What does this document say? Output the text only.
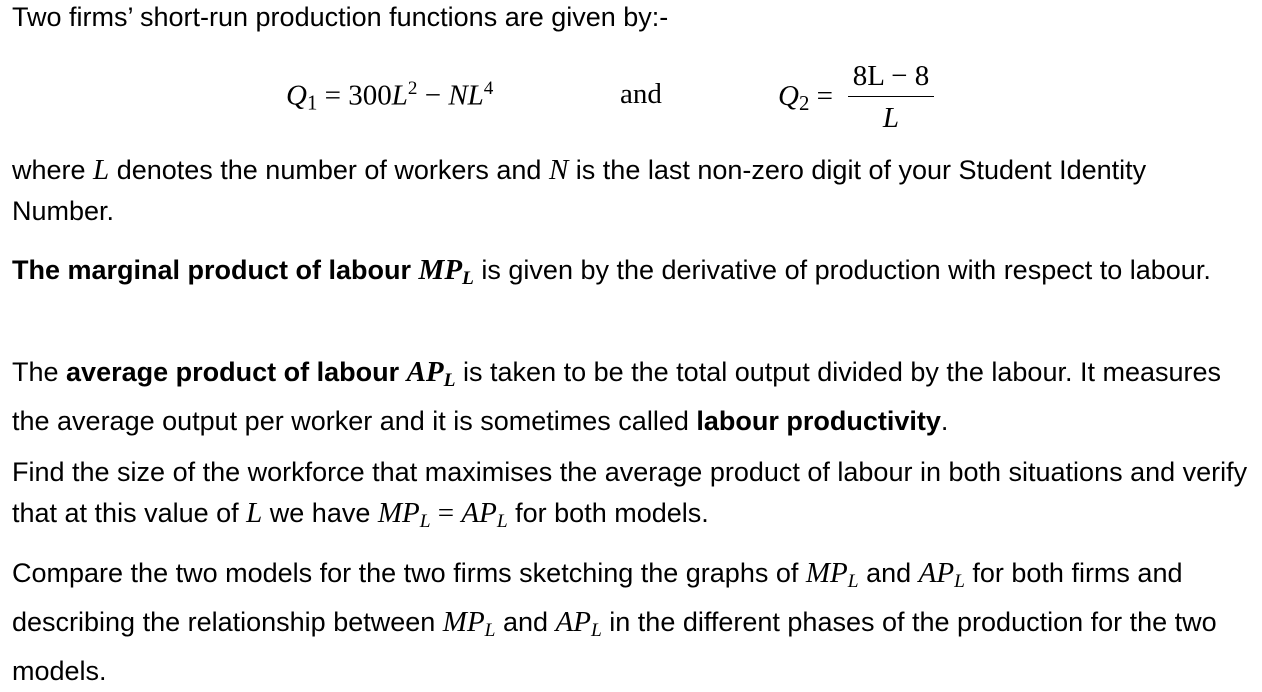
Two firms’ short-run production functions are given by:-

$Q_1 = 300L^2 - NL^4$	and	$Q_2$ =
8L − 8
L

where L denotes the number of workers and N is the last non-zero digit of your Student Identity Number.

The marginal product of labour $MP_L$ is given by the derivative of production with respect to labour.

The average product of labour $AP_L$ is taken to be the total output divided by the labour. It measures the average output per worker and it is sometimes called labour productivity.

Find the size of the workforce that maximises the average product of labour in both situations and verify that at this value of L we have $MP_L = AP_L$ for both models.

Compare the two models for the two firms sketching the graphs of $MP_L$ and $AP_L$ for both firms and describing the relationship between $MP_L$ and $AP_L$ in the different phases of the production for the two models.
